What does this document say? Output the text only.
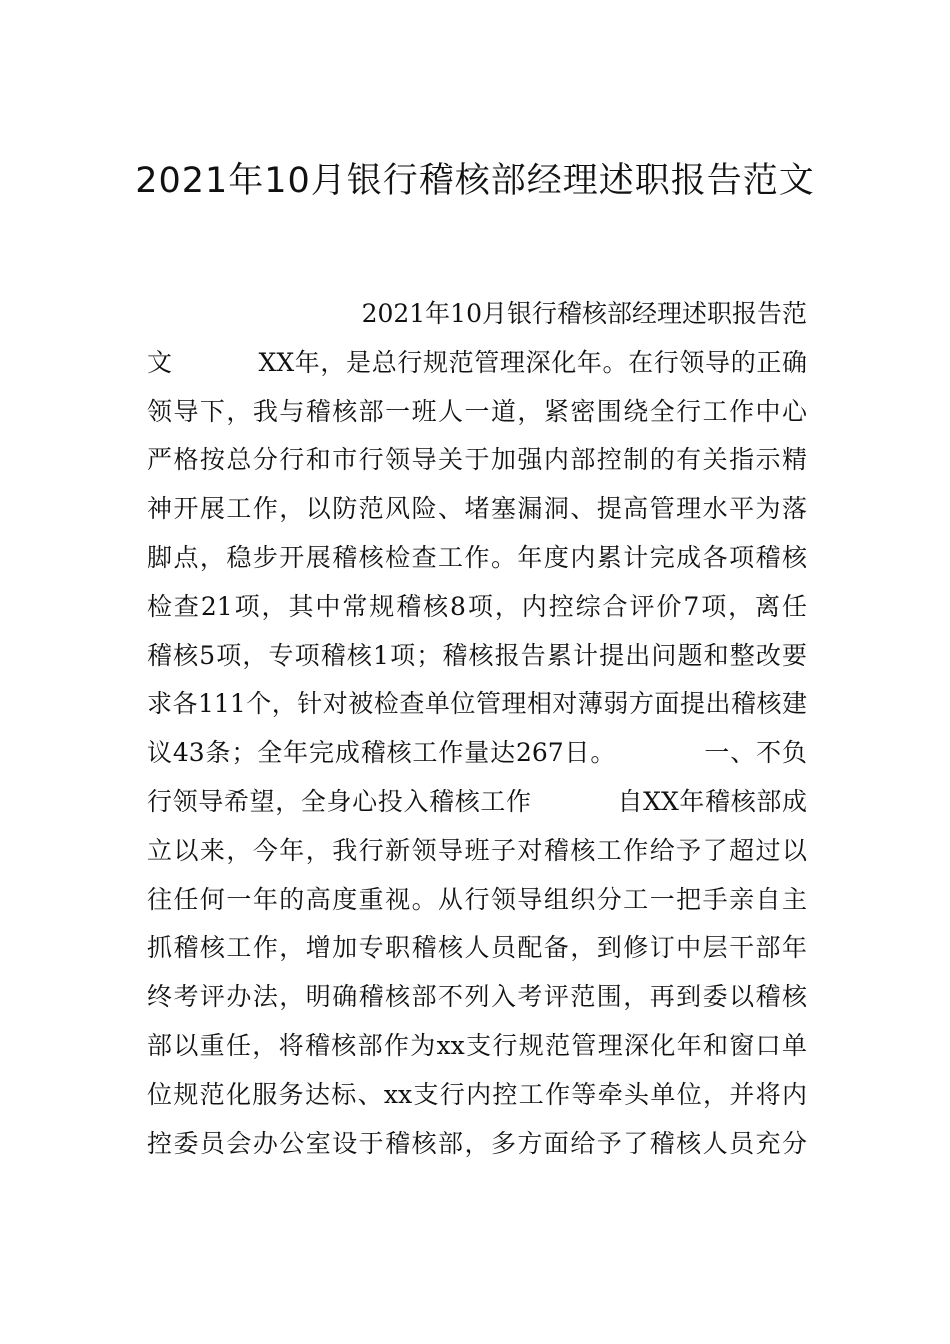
2021年10月银行稽核部经理述职报告范文
2021年10月银行稽核部经理述职报告范
文          XX年，是总行规范管理深化年。在行领导的正确
领导下，我与稽核部一班人一道，紧密围绕全行工作中心
严格按总分行和市行领导关于加强内部控制的有关指示精
神开展工作，以防范风险、堵塞漏洞、提高管理水平为落
脚点，稳步开展稽核检查工作。年度内累计完成各项稽核
检查21项，其中常规稽核8项，内控综合评价7项，离任
稽核5项，专项稽核1项；稽核报告累计提出问题和整改要
求各111个，针对被检查单位管理相对薄弱方面提出稽核建
议43条；全年完成稽核工作量达267日。          一、不负
行领导希望，全身心投入稽核工作          自XX年稽核部成
立以来，今年，我行新领导班子对稽核工作给予了超过以
往任何一年的高度重视。从行领导组织分工一把手亲自主
抓稽核工作，增加专职稽核人员配备，到修订中层干部年
终考评办法，明确稽核部不列入考评范围，再到委以稽核
部以重任，将稽核部作为xx支行规范管理深化年和窗口单
位规范化服务达标、xx支行内控工作等牵头单位，并将内
控委员会办公室设于稽核部，多方面给予了稽核人员充分
